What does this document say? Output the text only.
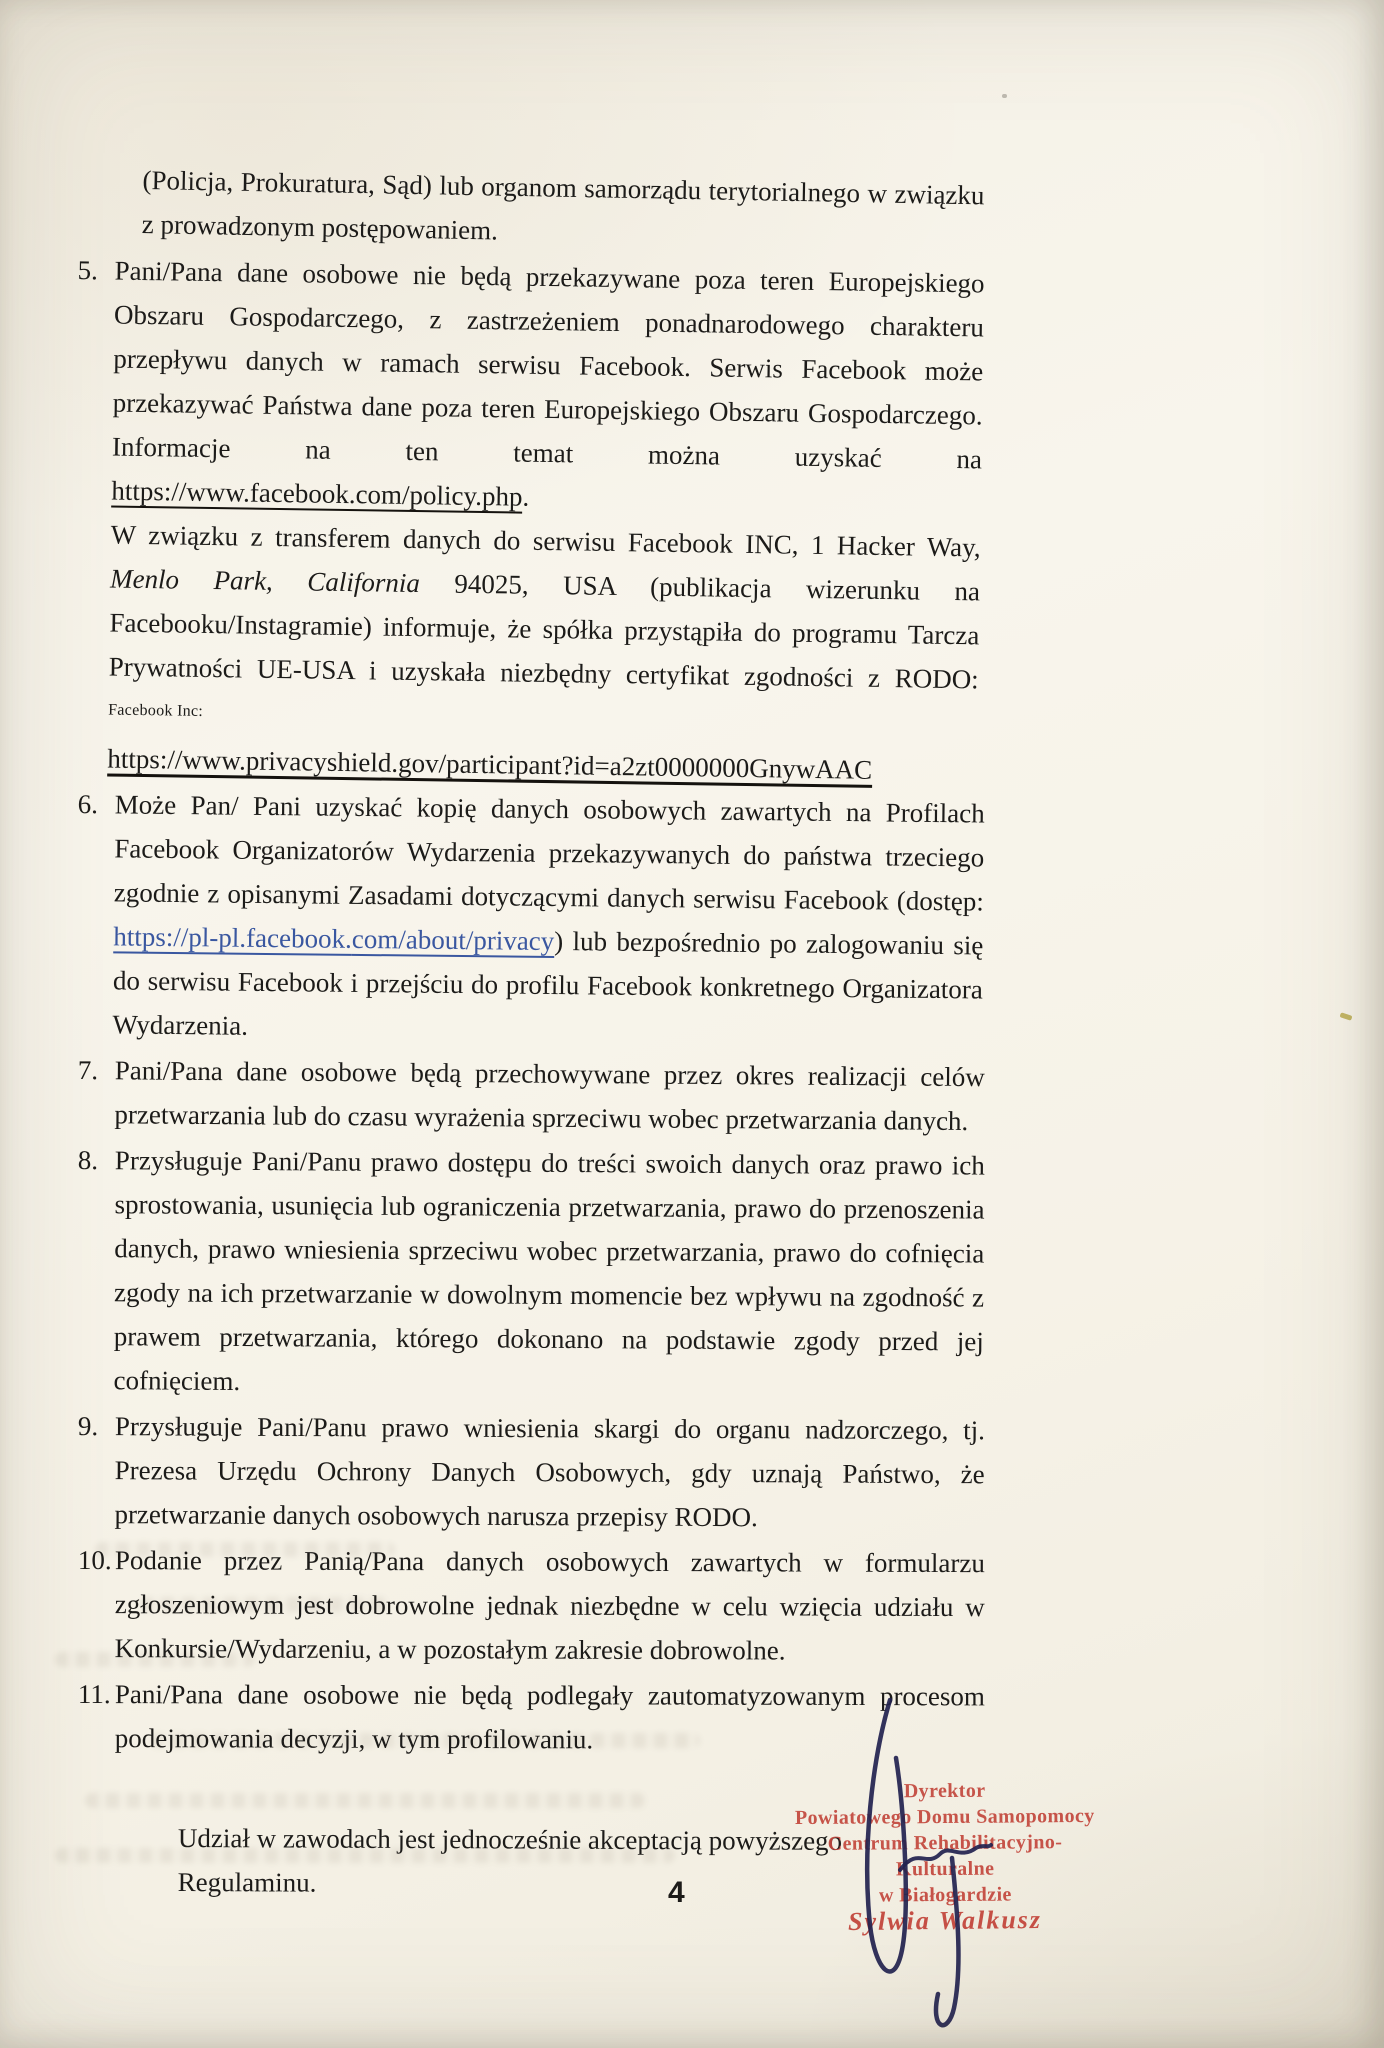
(Policja, Prokuratura, Sąd) lub organom samorządu terytorialnego w związku z prowadzonym postępowaniem.

5. Pani/Pana dane osobowe nie będą przekazywane poza teren Europejskiego Obszaru Gospodarczego, z zastrzeżeniem ponadnarodowego charakteru przepływu danych w ramach serwisu Facebook. Serwis Facebook może przekazywać Państwa dane poza teren Europejskiego Obszaru Gospodarczego. Informacje na ten temat można uzyskać na https://www.facebook.com/policy.php.
W związku z transferem danych do serwisu Facebook INC, 1 Hacker Way, Menlo Park, California 94025, USA (publikacja wizerunku na Facebooku/Instagramie) informuje, że spółka przystąpiła do programu Tarcza Prywatności UE-USA i uzyskała niezbędny certyfikat zgodności z RODO: $^{Facebook Inc:}$
https://www.privacyshield.gov/participant?id=a2zt0000000GnywAAC
6. Może Pan/ Pani uzyskać kopię danych osobowych zawartych na Profilach Facebook Organizatorów Wydarzenia przekazywanych do państwa trzeciego zgodnie z opisanymi Zasadami dotyczącymi danych serwisu Facebook (dostęp: https://pl-pl.facebook.com/about/privacy) lub bezpośrednio po zalogowaniu się do serwisu Facebook i przejściu do profilu Facebook konkretnego Organizatora Wydarzenia.
7. Pani/Pana dane osobowe będą przechowywane przez okres realizacji celów przetwarzania lub do czasu wyrażenia sprzeciwu wobec przetwarzania danych.
8. Przysługuje Pani/Panu prawo dostępu do treści swoich danych oraz prawo ich sprostowania, usunięcia lub ograniczenia przetwarzania, prawo do przenoszenia danych, prawo wniesienia sprzeciwu wobec przetwarzania, prawo do cofnięcia zgody na ich przetwarzanie w dowolnym momencie bez wpływu na zgodność z prawem przetwarzania, którego dokonano na podstawie zgody przed jej cofnięciem.
9. Przysługuje Pani/Panu prawo wniesienia skargi do organu nadzorczego, tj. Prezesa Urzędu Ochrony Danych Osobowych, gdy uznają Państwo, że przetwarzanie danych osobowych narusza przepisy RODO.
10. Podanie przez Panią/Pana danych osobowych zawartych w formularzu zgłoszeniowym jest dobrowolne jednak niezbędne w celu wzięcia udziału w Konkursie/Wydarzeniu, a w pozostałym zakresie dobrowolne.
11. Pani/Pana dane osobowe nie będą podlegały zautomatyzowanym procesom podejmowania decyzji, w tym profilowaniu.

Udział w zawodach jest jednocześnie akceptacją powyższego Regulaminu.	4
Dyrektor
Powiatowego Domu Samopomocy
Centrum Rehabilitacyjno-Kulturalne
w Białogardzie
Sylwia Walkusz
